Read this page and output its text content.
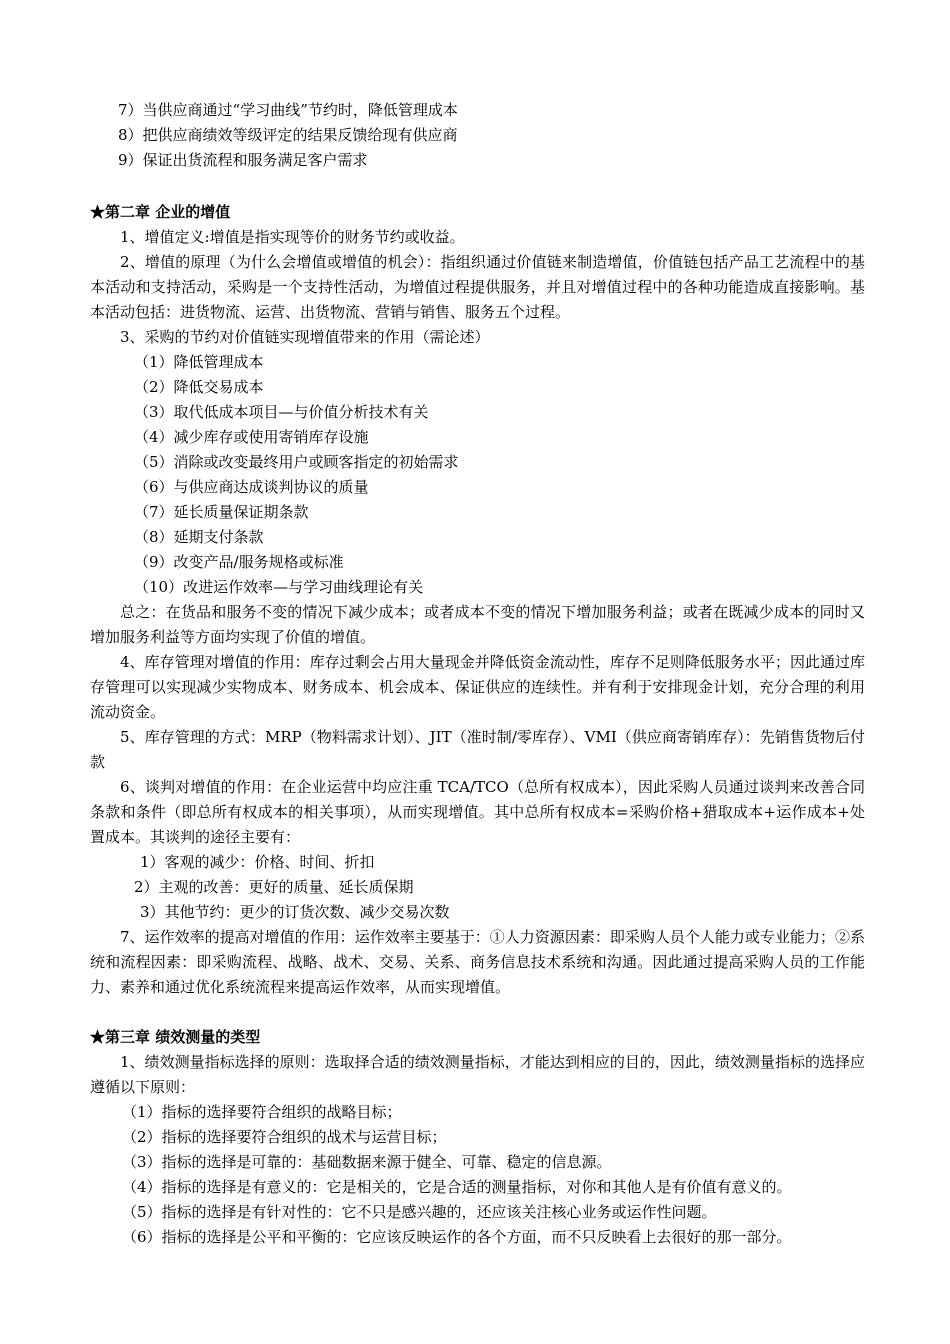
7）当供应商通过“学习曲线”节约时，降低管理成本
8）把供应商绩效等级评定的结果反馈给现有供应商
9）保证出货流程和服务满足客户需求
★第二章 企业的增值
1、增值定义:增值是指实现等价的财务节约或收益。
2、增值的原理（为什么会增值或增值的机会）：指组织通过价值链来制造增值，价值链包括产品工艺流程中的基本活动和支持活动，采购是一个支持性活动，为增值过程提供服务，并且对增值过程中的各种功能造成直接影响。基本活动包括：进货物流、运营、出货物流、营销与销售、服务五个过程。
3、采购的节约对价值链实现增值带来的作用（需论述）
（1）降低管理成本
（2）降低交易成本
（3）取代低成本项目—与价值分析技术有关
（4）减少库存或使用寄销库存设施
（5）消除或改变最终用户或顾客指定的初始需求
（6）与供应商达成谈判协议的质量
（7）延长质量保证期条款
（8）延期支付条款
（9）改变产品/服务规格或标准
（10）改进运作效率—与学习曲线理论有关
总之：在货品和服务不变的情况下减少成本；或者成本不变的情况下增加服务利益；或者在既减少成本的同时又增加服务利益等方面均实现了价值的增值。
4、库存管理对增值的作用：库存过剩会占用大量现金并降低资金流动性，库存不足则降低服务水平；因此通过库存管理可以实现减少实物成本、财务成本、机会成本、保证供应的连续性。并有利于安排现金计划，充分合理的利用流动资金。
5、库存管理的方式：MRP（物料需求计划）、JIT（准时制/零库存）、VMI（供应商寄销库存）：先销售货物后付款
6、谈判对增值的作用：在企业运营中均应注重 TCA/TCO（总所有权成本），因此采购人员通过谈判来改善合同条款和条件（即总所有权成本的相关事项），从而实现增值。其中总所有权成本=采购价格+猎取成本+运作成本+处置成本。其谈判的途径主要有：
1）客观的减少：价格、时间、折扣
2）主观的改善：更好的质量、延长质保期
3）其他节约：更少的订货次数、减少交易次数
7、运作效率的提高对增值的作用：运作效率主要基于：①人力资源因素：即采购人员个人能力或专业能力；②系统和流程因素：即采购流程、战略、战术、交易、关系、商务信息技术系统和沟通。因此通过提高采购人员的工作能力、素养和通过优化系统流程来提高运作效率，从而实现增值。
★第三章 绩效测量的类型
1、绩效测量指标选择的原则：选取择合适的绩效测量指标，才能达到相应的目的，因此，绩效测量指标的选择应遵循以下原则：
（1）指标的选择要符合组织的战略目标；
（2）指标的选择要符合组织的战术与运营目标；
（3）指标的选择是可靠的：基础数据来源于健全、可靠、稳定的信息源。
（4）指标的选择是有意义的：它是相关的，它是合适的测量指标，对你和其他人是有价值有意义的。
（5）指标的选择是有针对性的：它不只是感兴趣的，还应该关注核心业务或运作性问题。
（6）指标的选择是公平和平衡的：它应该反映运作的各个方面，而不只反映看上去很好的那一部分。
